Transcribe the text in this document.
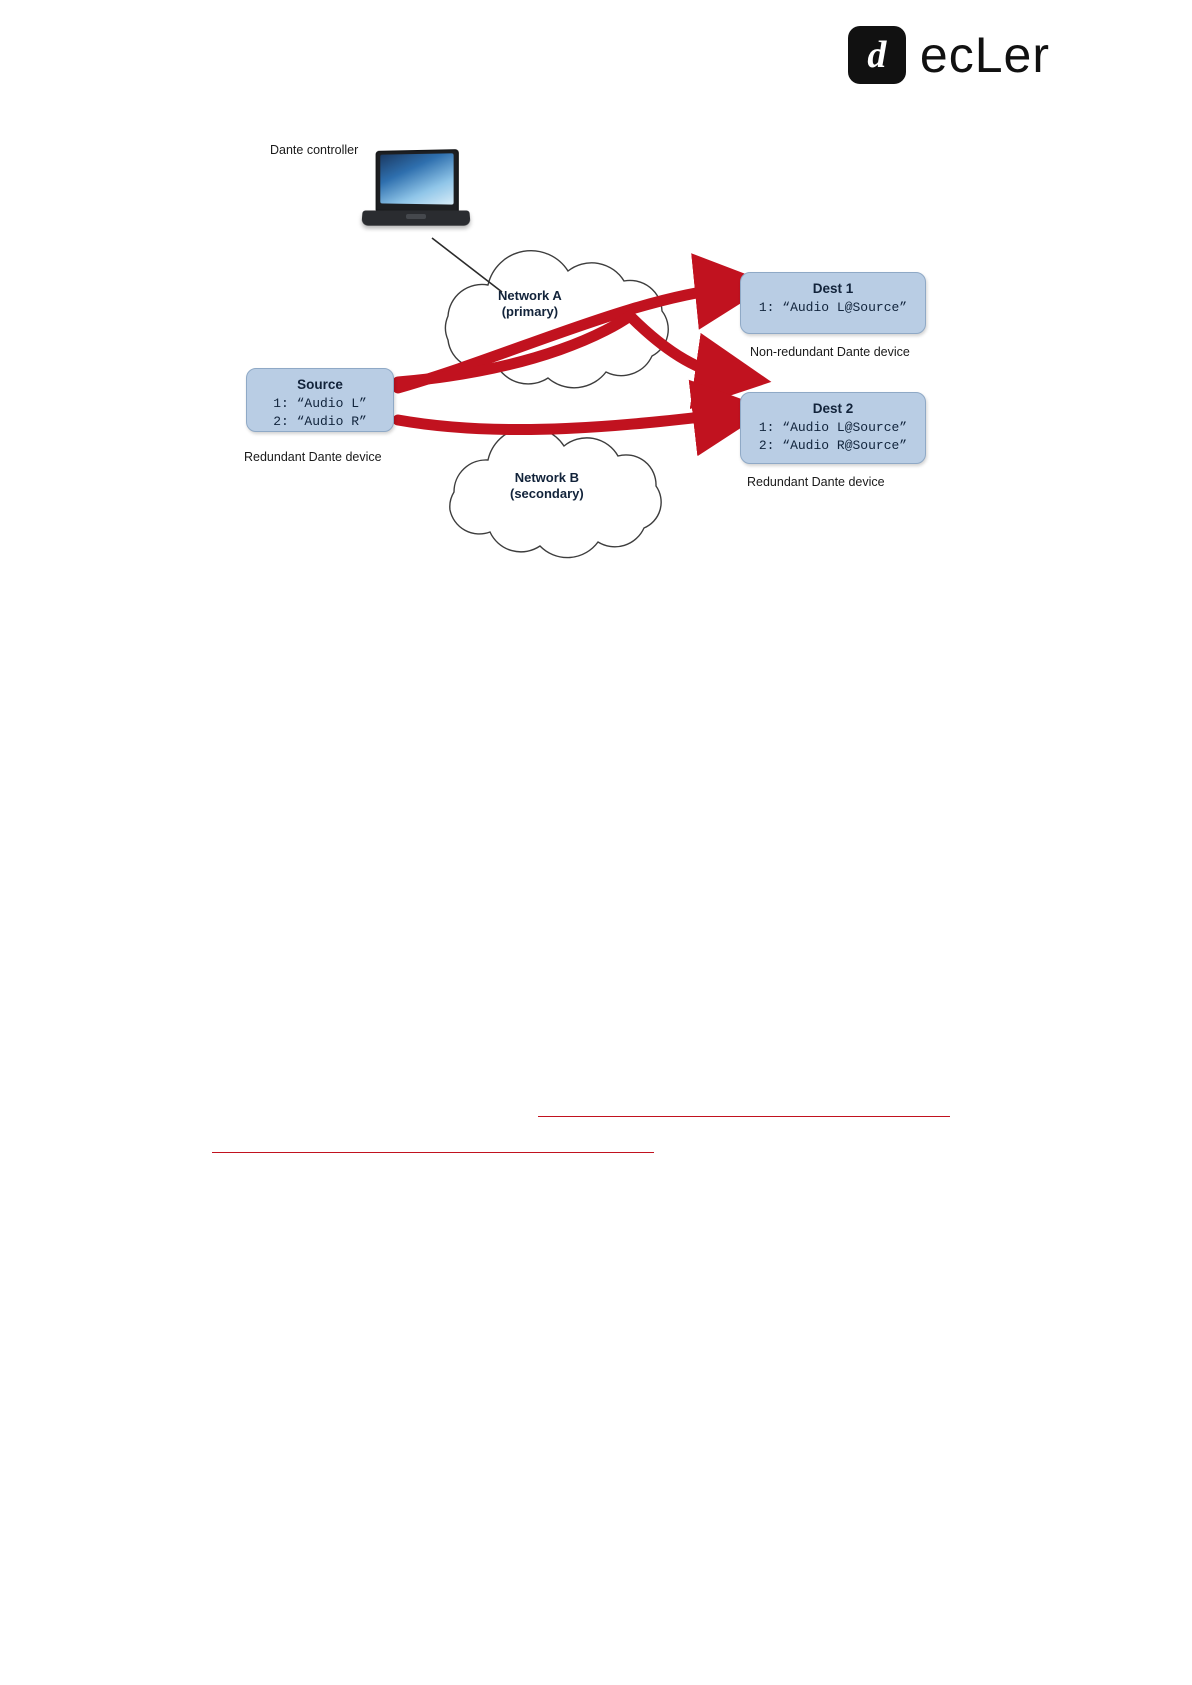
d ecLer
Dante controller
Network A
(primary)
Network B
(secondary)
Source
1: “Audio L”
2: “Audio R”
Redundant Dante device
Dest 1
1: “Audio L@Source”
Non-redundant Dante device
Dest 2
1: “Audio L@Source”
2: “Audio R@Source”
Redundant Dante device
